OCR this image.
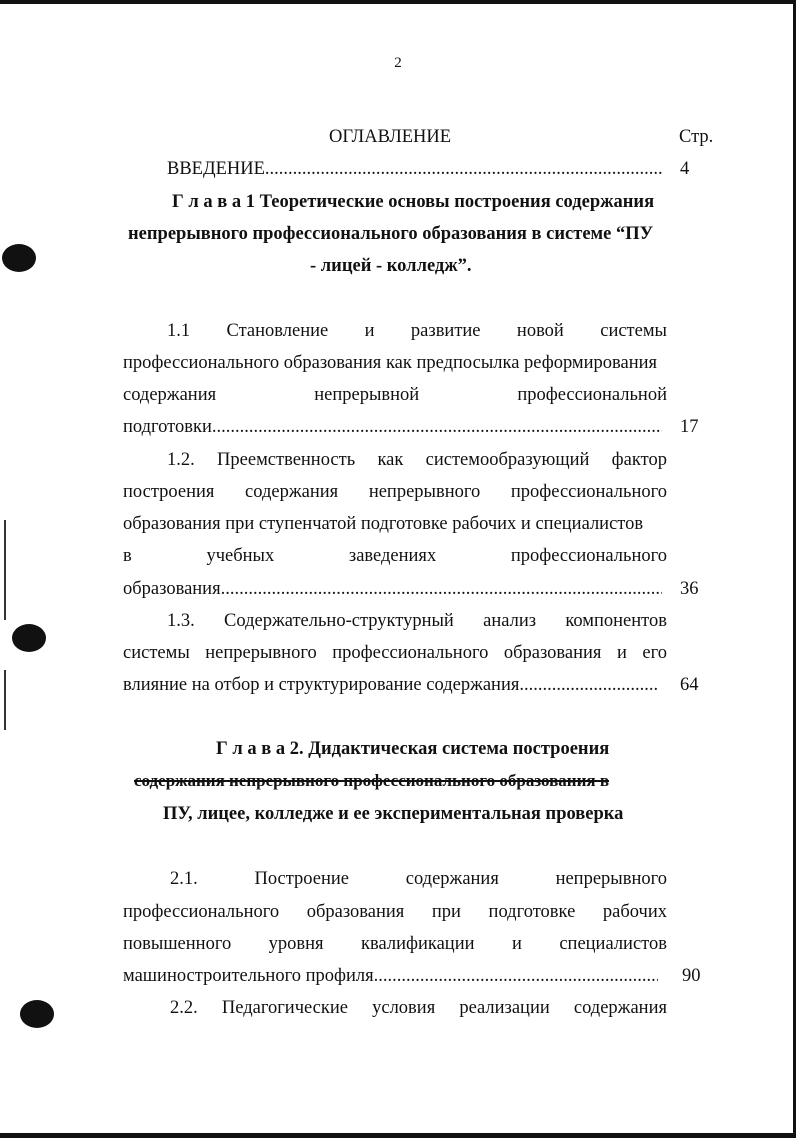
2
ОГЛАВЛЕНИЕ	Стр.
ВВЕДЕНИЕ .....	4
Г л а в а 1 Теоретические основы построения содержания
непрерывного профессионального образования в системе “ПУ
- лицей - колледж”.
1.1 Становление и развитие новой системы
профессионального образования как предпосылка реформирования
содержания	непрерывной	профессиональной
подготовки .....	17
1.2. Преемственность как системообразующий фактор
построения содержания непрерывного профессионального
образования при ступенчатой подготовке рабочих и специалистов
в	учебных	заведениях	профессионального
образования .....	36
1.3. Содержательно-структурный анализ компонентов
системы непрерывного профессионального образования и его
влияние на отбор и структурирование содержания .....	64
Г л а в а 2. Дидактическая система построения
содержания непрерывного профессионального образования в
ПУ, лицее, колледже и ее экспериментальная проверка
2.1.	Построение	содержания	непрерывного
профессионального образования при подготовке рабочих
повышенного уровня квалификации и специалистов
машиностроительного профиля .....	90
2.2. Педагогические условия реализации содержания
